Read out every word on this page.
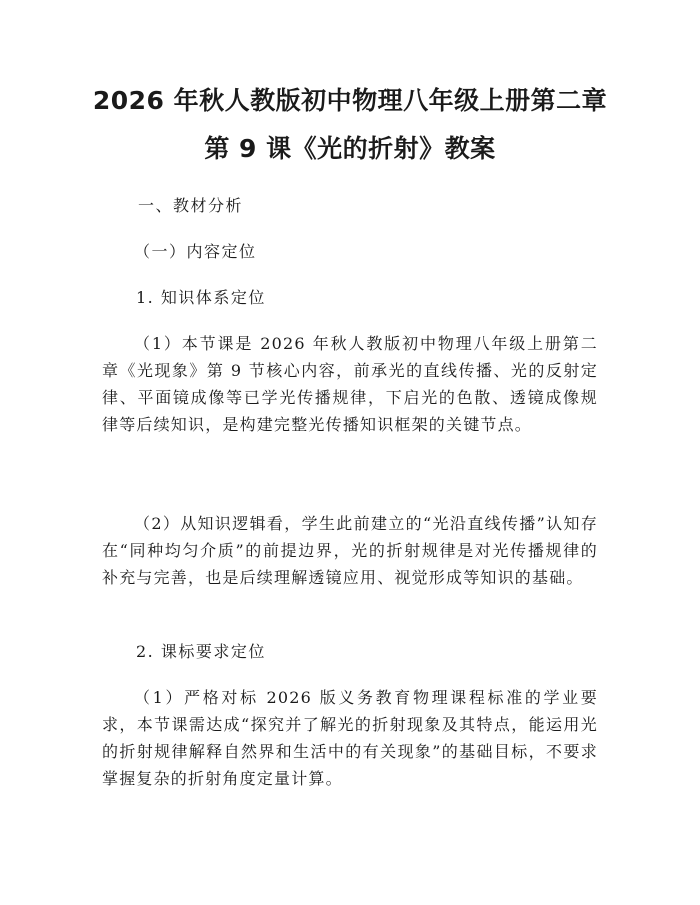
2026 年秋人教版初中物理八年级上册第二章
第 9 课《光的折射》教案
一、教材分析
（一）内容定位
1. 知识体系定位
（1）本节课是 2026 年秋人教版初中物理八年级上册第二章《光现象》第 9 节核心内容，前承光的直线传播、光的反射定律、平面镜成像等已学光传播规律，下启光的色散、透镜成像规律等后续知识，是构建完整光传播知识框架的关键节点。
（2）从知识逻辑看，学生此前建立的“光沿直线传播”认知存在“同种均匀介质”的前提边界，光的折射规律是对光传播规律的补充与完善，也是后续理解透镜应用、视觉形成等知识的基础。
2. 课标要求定位
（1）严格对标 2026 版义务教育物理课程标准的学业要求，本节课需达成“探究并了解光的折射现象及其特点，能运用光的折射规律解释自然界和生活中的有关现象”的基础目标，不要求掌握复杂的折射角度定量计算。
